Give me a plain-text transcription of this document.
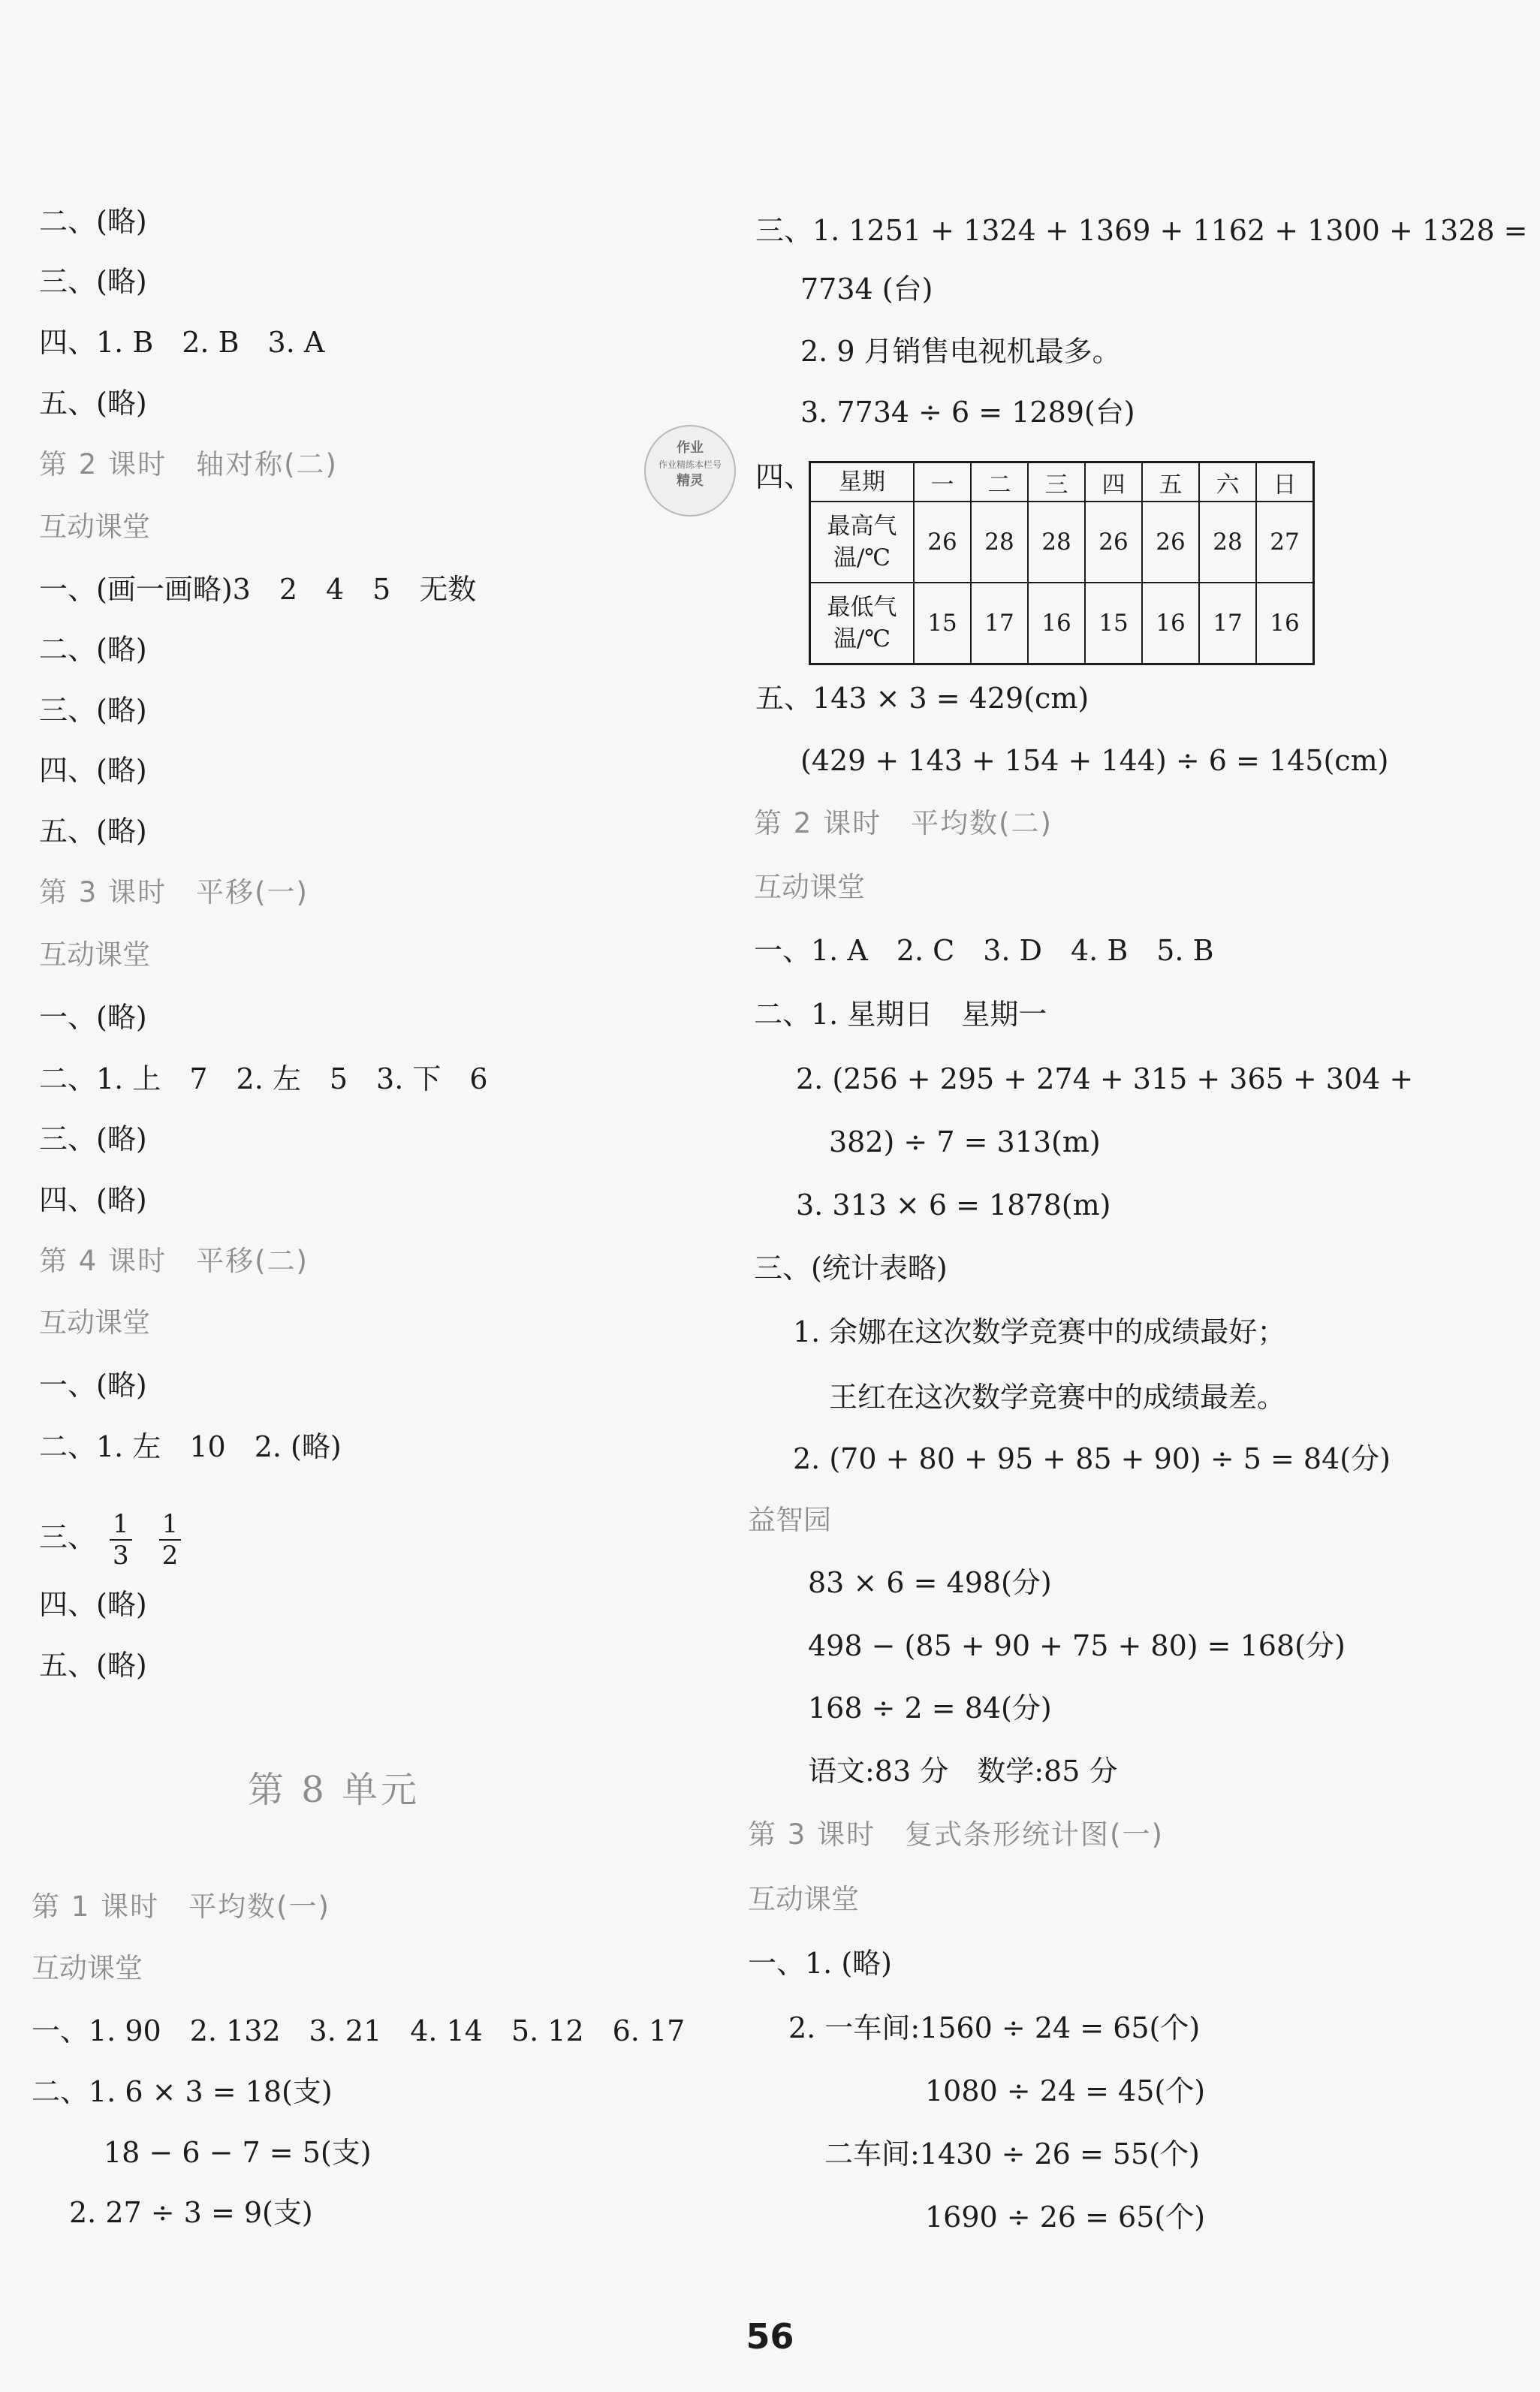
二、(略)
三、(略)
四、1. B　2. B　3. A
五、(略)
第 2 课时　轴对称(二)
互动课堂
一、(画一画略)3　2　4　5　无数
二、(略)
三、(略)
四、(略)
五、(略)
第 3 课时　平移(一)
互动课堂
一、(略)
二、1. 上　7　2. 左　5　3. 下　6
三、(略)
四、(略)
第 4 课时　平移(二)
互动课堂
一、(略)
二、1. 左　10　2. (略)
三、 $\frac{1}{3} \frac{1}{2}$
四、(略)
五、(略)
第 8 单元
第 1 课时　平均数(一)
互动课堂
一、1. 90　2. 132　3. 21　4. 14　5. 12　6. 17
二、1. 6 × 3 = 18(支)
18 − 6 − 7 = 5(支)
2. 27 ÷ 3 = 9(支)
作业
作业精练本栏号
精灵
三、1. 1251 + 1324 + 1369 + 1162 + 1300 + 1328 =
7734 (台)
2. 9 月销售电视机最多。
3. 7734 ÷ 6 = 1289(台)
四、 星期	一	二	三	四	五	六	日
最高气
温/℃	26	28	28	26	26	28	27
最低气
温/℃	15	17	16	15	16	17	16
五、143 × 3 = 429(cm)
(429 + 143 + 154 + 144) ÷ 6 = 145(cm)
第 2 课时　平均数(二)
互动课堂
一、1. A　2. C　3. D　4. B　5. B
二、1. 星期日　星期一
2. (256 + 295 + 274 + 315 + 365 + 304 +
382) ÷ 7 = 313(m)
3. 313 × 6 = 1878(m)
三、(统计表略)
1. 余娜在这次数学竞赛中的成绩最好；
王红在这次数学竞赛中的成绩最差。
2. (70 + 80 + 95 + 85 + 90) ÷ 5 = 84(分)
益智园
83 × 6 = 498(分)
498 − (85 + 90 + 75 + 80) = 168(分)
168 ÷ 2 = 84(分)
语文:83 分　数学:85 分
第 3 课时　复式条形统计图(一)
互动课堂
一、1. (略)
2. 一车间:1560 ÷ 24 = 65(个)
1080 ÷ 24 = 45(个)
二车间:1430 ÷ 26 = 55(个)
1690 ÷ 26 = 65(个)
56
